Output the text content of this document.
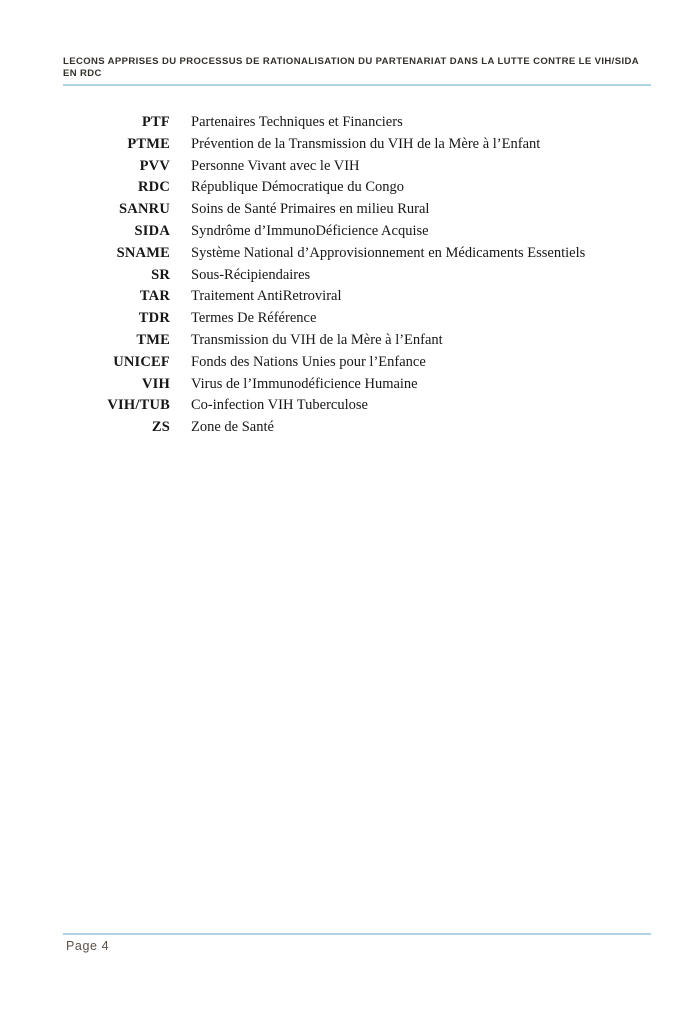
LECONS APPRISES DU PROCESSUS DE RATIONALISATION DU PARTENARIAT DANS LA LUTTE CONTRE LE VIH/SIDA
EN RDC
PTF Partenaires Techniques et Financiers
PTME Prévention de la Transmission du VIH de la Mère à l’Enfant
PVV Personne Vivant avec le VIH
RDC République Démocratique du Congo
SANRU Soins de Santé Primaires en milieu Rural
SIDA Syndrôme d’ImmunoDéficience Acquise
SNAME Système National d’Approvisionnement en Médicaments Essentiels
SR Sous-Récipiendaires
TAR Traitement AntiRetroviral
TDR Termes De Référence
TME Transmission du VIH de la Mère à l’Enfant
UNICEF Fonds des Nations Unies pour l’Enfance
VIH Virus de l’Immunodéficience Humaine
VIH/TUB Co-infection VIH Tuberculose
ZS Zone de Santé
Page 4
